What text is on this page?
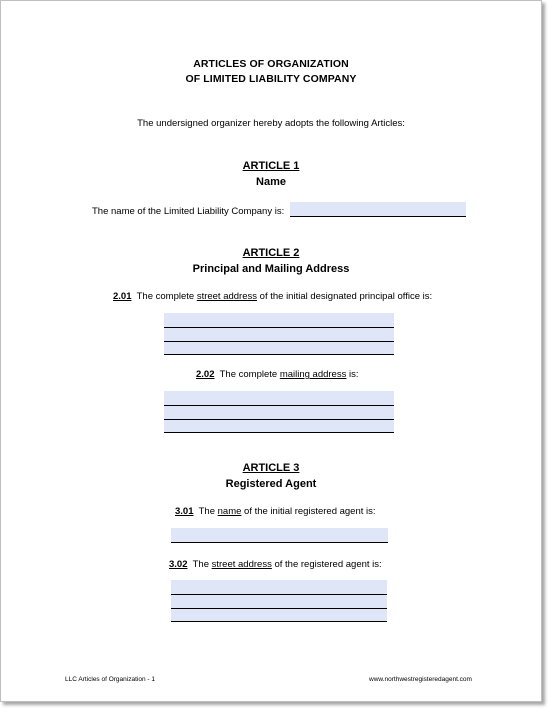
ARTICLES OF ORGANIZATION
OF LIMITED LIABILITY COMPANY
The undersigned organizer hereby adopts the following Articles:
ARTICLE 1
Name
The name of the Limited Liability Company is:
ARTICLE 2
Principal and Mailing Address
2.01 The complete street address of the initial designated principal office is:
2.02 The complete mailing address is:
ARTICLE 3
Registered Agent
3.01 The name of the initial registered agent is:
3.02 The street address of the registered agent is:
LLC Articles of Organization - 1	www.northwestregisteredagent.com
